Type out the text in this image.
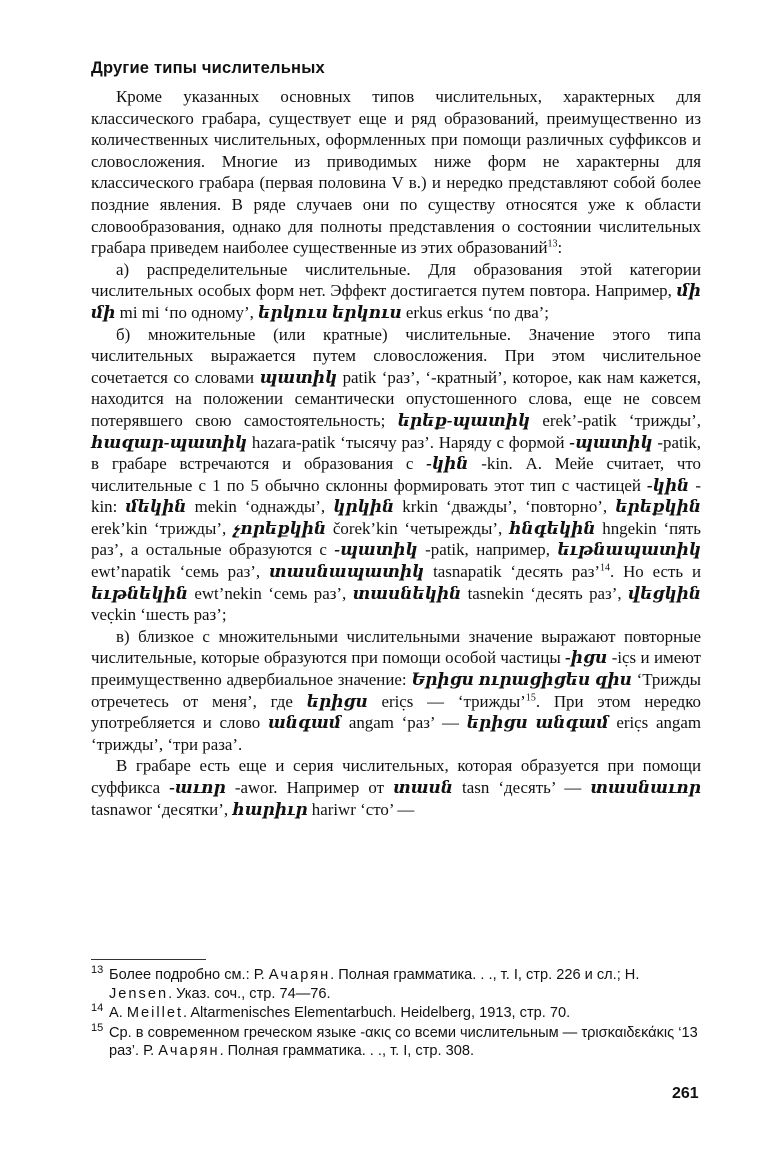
Другие типы числительных

Кроме указанных основных типов числительных, характерных для классического грабара, существует еще и ряд образований, преимущественно из количественных числительных, оформленных при помощи различных суффиксов и словосложения. Многие из приводимых ниже форм не характерны для классического грабара (первая половина V в.) и нередко представляют собой более поздние явления. В ряде случаев они по существу относятся уже к области словообразования, однако для полноты представления о состоянии числительных грабара приведем наиболее существенные из этих образований$^{13}$:

а) распределительные числительные. Для образования этой категории числительных особых форм нет. Эффект достигается путем повтора. Например, մի մի mi mi ‘по одному’, երկուս երկուս erkus erkus ‘по два’;

б) множительные (или кратные) числительные. Значение этого типа числительных выражается путем словосложения. При этом числительное сочетается со словами պատիկ patik ‘раз’, ‘-кратный’, которое, как нам кажется, находится на положении семантически опустошенного слова, еще не совсем потерявшего свою самостоятельность; երեք-պատիկ erek’-patik ‘трижды’, հազար-պատիկ hazara-patik ‘тысячу раз’. Наряду с формой -պատիկ -patik, в грабаре встречаются и образования с -կին -kin. А. Мейе считает, что числительные с 1 по 5 обычно склонны формировать этот тип с частицей -կին -kin: մեկին mekin ‘однажды’, կրկին krkin ‘дважды’, ‘повторно’, երեքկին erek’kin ‘трижды’, չորեքկին čorek’kin ‘четырежды’, հնգեկին hngekin ‘пять раз’, а остальные образуются с -պատիկ -patik, например, եւթնապատիկ ewt’napatik ‘семь раз’, տասնապատիկ tasnapatik ‘десять раз’$^{14}$. Но есть и եւթնեկին ewt’nekin ‘семь раз’, տասնեկին tasnekin ‘десять раз’, վեցկին vec̣kin ‘шесть раз’;

в) близкое с множительными числительными значение выражают повторные числительные, которые образуются при помощи особой частицы -իցս -ic̣s и имеют преимущественно адвербиальное значение: Երիցս ուրացիցես զիս ‘Трижды отречетесь от меня’, где երիցս eric̣s — ‘трижды’$^{15}$. При этом нередко употребляется и слово անգամ angam ‘раз’ — երիցս անգամ eric̣s angam ‘трижды’, ‘три раза’.

В грабаре есть еще и серия числительных, которая образуется при помощи суффикса -աւոր -awor. Например от տասն tasn ‘десять’ — տասնաւոր tasnawor ‘десятки’, հարիւր hariwr ‘сто’ —

13 Более подробно см.: Р. Ачарян. Полная грамматика. . ., т. I, стр. 226 и сл.; Н. Jensen. Указ. соч., стр. 74—76.

14 A. Meillet. Altarmenisches Elementarbuch. Heidelberg, 1913, стр. 70.

15 Ср. в современном греческом языке -ακις со всеми числительным — τρισκαιδεκάκις ‘13 раз’. Р. Ачарян. Полная грамматика. . ., т. I, стр. 308.

261
